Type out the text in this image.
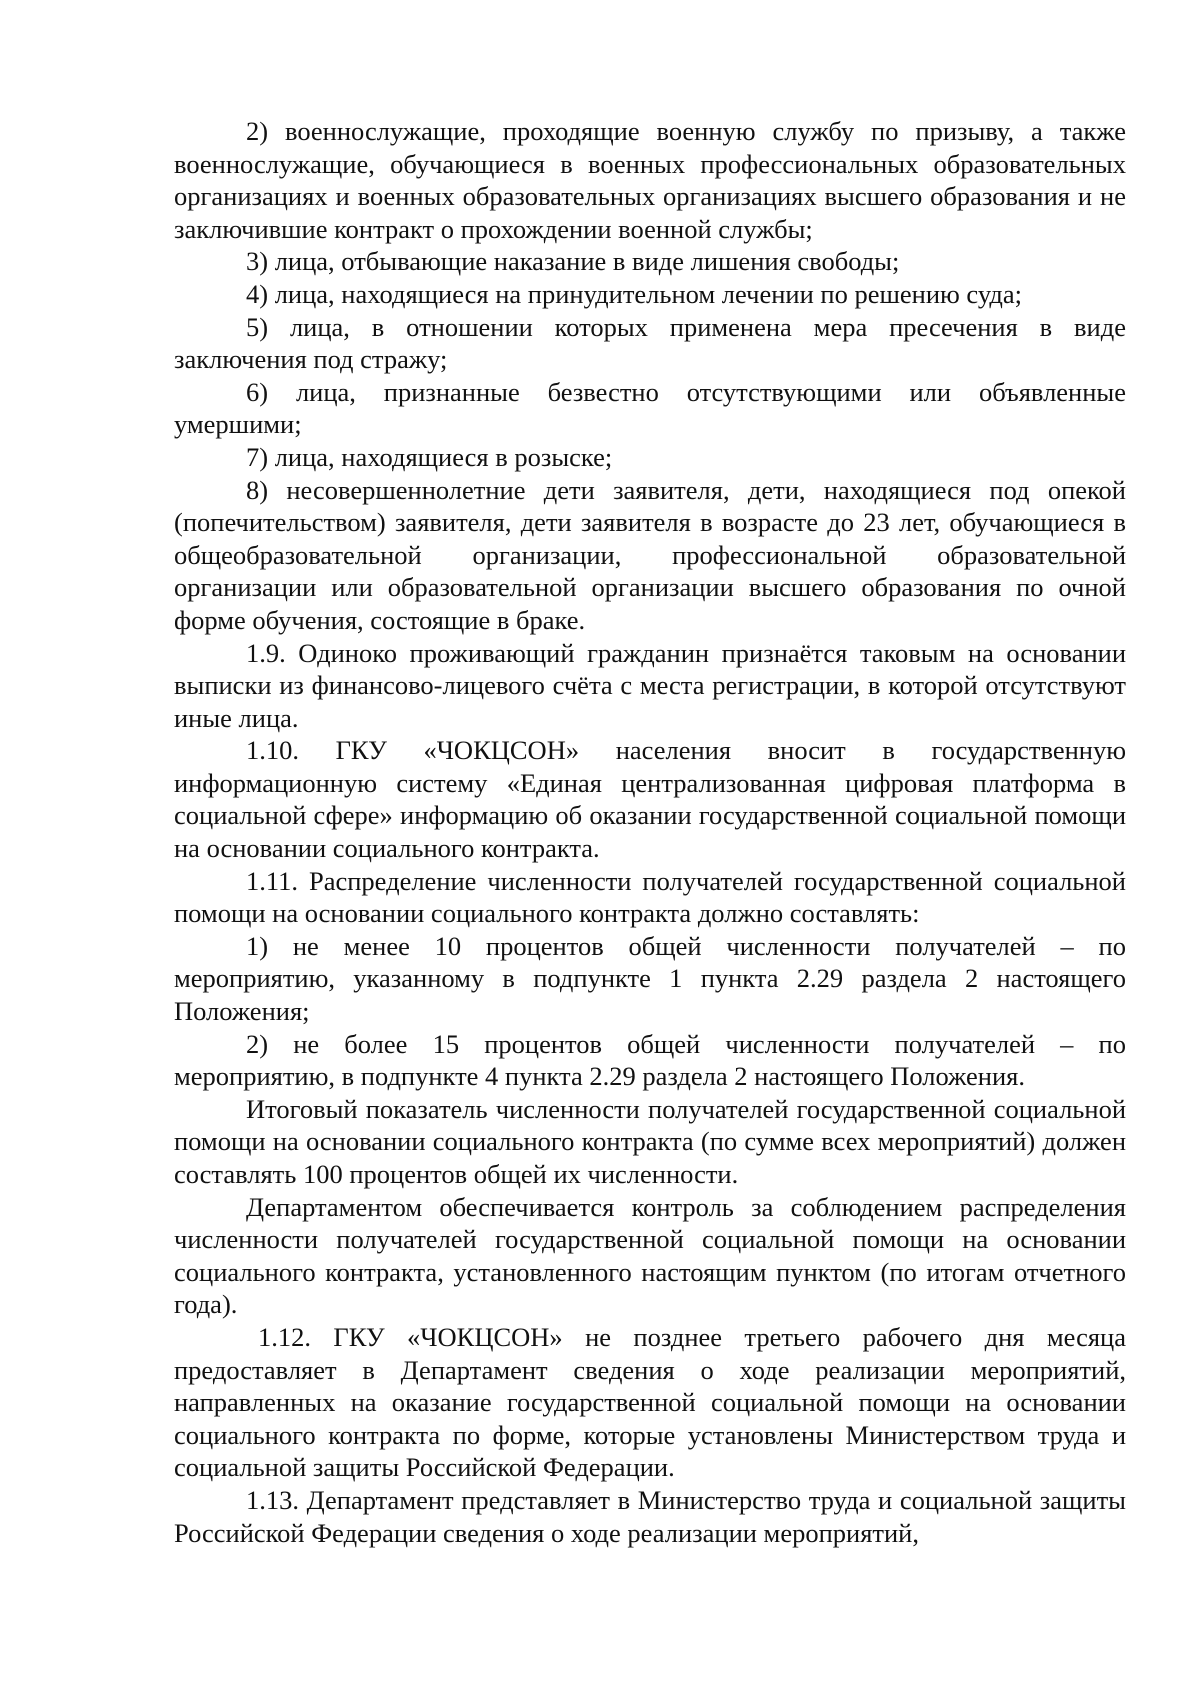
2) военнослужащие, проходящие военную службу по призыву, а также военнослужащие, обучающиеся в военных профессиональных образовательных организациях и военных образовательных организациях высшего образования и не заключившие контракт о прохождении военной службы;

3) лица, отбывающие наказание в виде лишения свободы;

4) лица, находящиеся на принудительном лечении по решению суда;

5) лица, в отношении которых применена мера пресечения в виде заключения под стражу;

6) лица, признанные безвестно отсутствующими или объявленные умершими;

7) лица, находящиеся в розыске;

8) несовершеннолетние дети заявителя, дети, находящиеся под опекой (попечительством) заявителя, дети заявителя в возрасте до 23 лет, обучающиеся в общеобразовательной организации, профессиональной образовательной организации или образовательной организации высшего образования по очной форме обучения, состоящие в браке.

1.9. Одиноко проживающий гражданин признаётся таковым на основании выписки из финансово-лицевого счёта с места регистрации, в которой отсутствуют иные лица.

1.10. ГКУ «ЧОКЦСОН» населения вносит в государственную информационную систему «Единая централизованная цифровая платформа в социальной сфере» информацию об оказании государственной социальной помощи на основании социального контракта.

1.11. Распределение численности получателей государственной социальной помощи на основании социального контракта должно составлять:

1) не менее 10 процентов общей численности получателей – по мероприятию, указанному в подпункте 1 пункта 2.29 раздела 2 настоящего Положения;

2) не более 15 процентов общей численности получателей – по мероприятию, в подпункте 4 пункта 2.29 раздела 2 настоящего Положения.

Итоговый показатель численности получателей государственной социальной помощи на основании социального контракта (по сумме всех мероприятий) должен составлять 100 процентов общей их численности.

Департаментом обеспечивается контроль за соблюдением распределения численности получателей государственной социальной помощи на основании социального контракта, установленного настоящим пунктом (по итогам отчетного года).

1.12. ГКУ «ЧОКЦСОН» не позднее третьего рабочего дня месяца предоставляет в Департамент сведения о ходе реализации мероприятий, направленных на оказание государственной социальной помощи на основании социального контракта по форме, которые установлены Министерством труда и социальной защиты Российской Федерации.

1.13. Департамент представляет в Министерство труда и социальной защиты Российской Федерации сведения о ходе реализации мероприятий,
